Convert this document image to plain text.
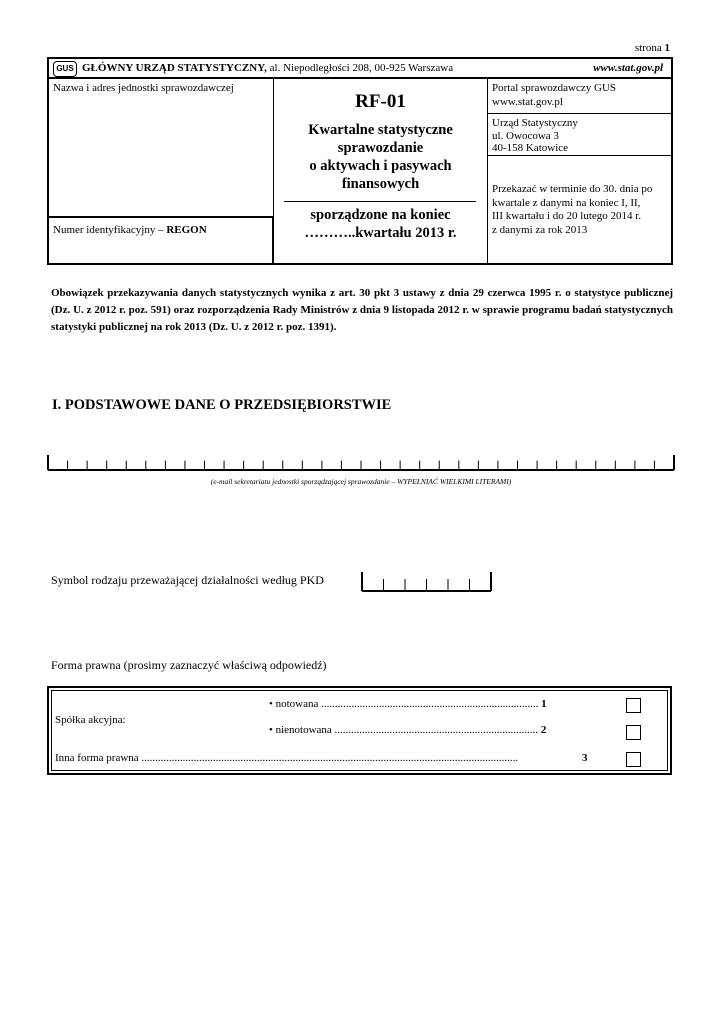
strona 1
GUS GŁÓWNY URZĄD STATYSTYCZNY, al. Niepodległości 208, 00-925 Warszawa	www.stat.gov.pl
Nazwa i adres jednostki sprawozdawczej
Numer identyfikacyjny – REGON
RF-01
Kwartalne statystyczne
sprawozdanie
o aktywach i pasywach
finansowych
sporządzone na koniec
………..kwartału 2013 r.
Portal sprawozdawczy GUS
www.stat.gov.pl
Urząd Statystyczny
ul. Owocowa 3
40-158 Katowice
Przekazać w terminie do 30. dnia po
kwartale z danymi na koniec I, II,
III kwartału i do 20 lutego 2014 r.
z danymi za rok 2013
Obowiązek przekazywania danych statystycznych wynika z art. 30 pkt 3 ustawy z dnia 29 czerwca 1995 r. o statystyce publicznej (Dz. U. z 2012 r. poz. 591) oraz rozporządzenia Rady Ministrów z dnia 9 listopada 2012 r. w sprawie programu badań statystycznych statystyki publicznej na rok 2013 (Dz. U. z 2012 r. poz. 1391).
I. PODSTAWOWE DANE O PRZEDSIĘBIORSTWIE
(e-mail sekretariatu jednostki sporządzającej sprawozdanie – WYPEŁNIAĆ WIELKIMI LITERAMI)
Symbol rodzaju przeważającej działalności według PKD
Forma prawna (prosimy zaznaczyć właściwą odpowiedź)
Spółka akcyjna:
• notowana ............................................................................... 1
• nienotowana .......................................................................... 2
Inna forma prawna .........................................................................................................................................	3
